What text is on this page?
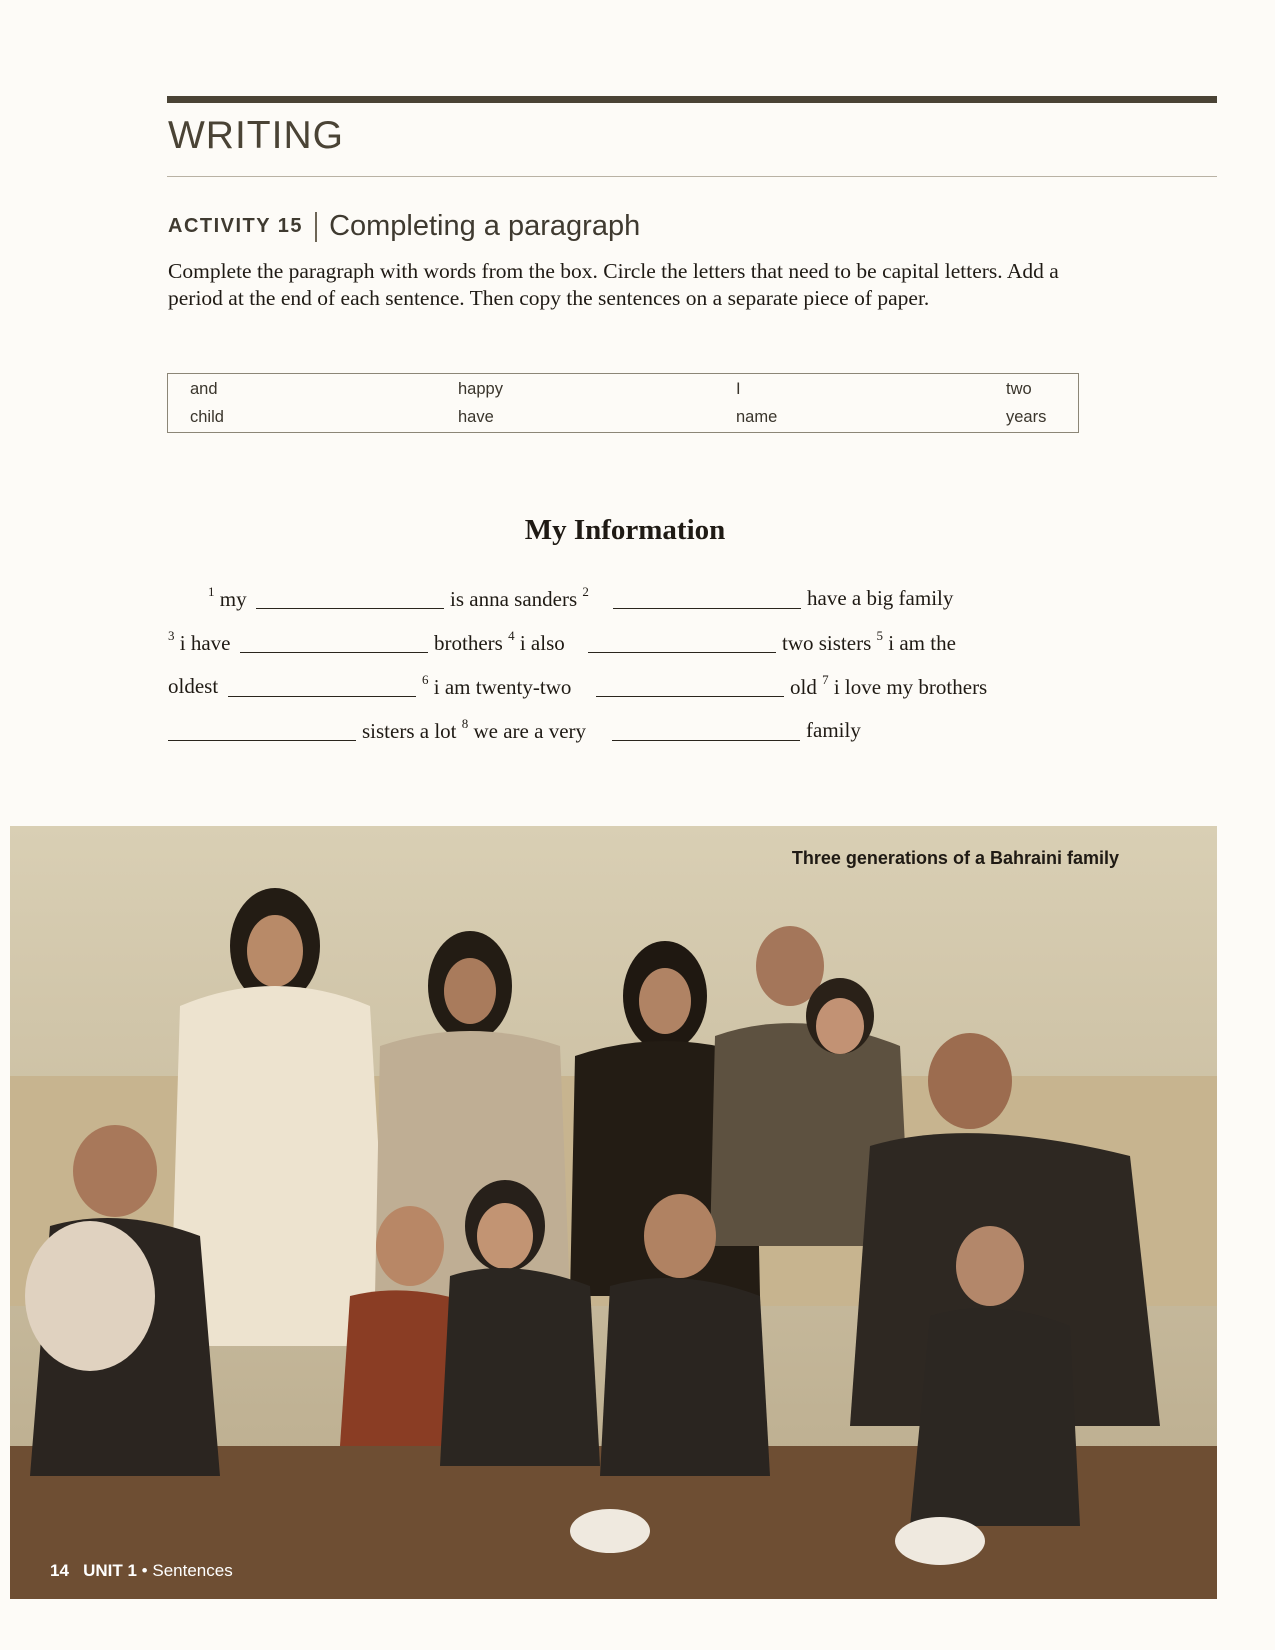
WRITING
ACTIVITY 15 Completing a paragraph

Complete the paragraph with words from the box. Circle the letters that need to be capital letters. Add a period at the end of each sentence. Then copy the sentences on a separate piece of paper.

and	happy	I	two
child	have	name	years
My Information
$^1$ my	is anna sanders $^2$	have a big family
$^3$ i have	brothers $^4$ i also	two sisters $^5$ i am the
oldest	$^6$ i am twenty-two	old $^7$ i love my brothers
sisters a lot $^8$ we are a very	family
Three generations of a Bahraini family
14 UNIT 1 • Sentences
